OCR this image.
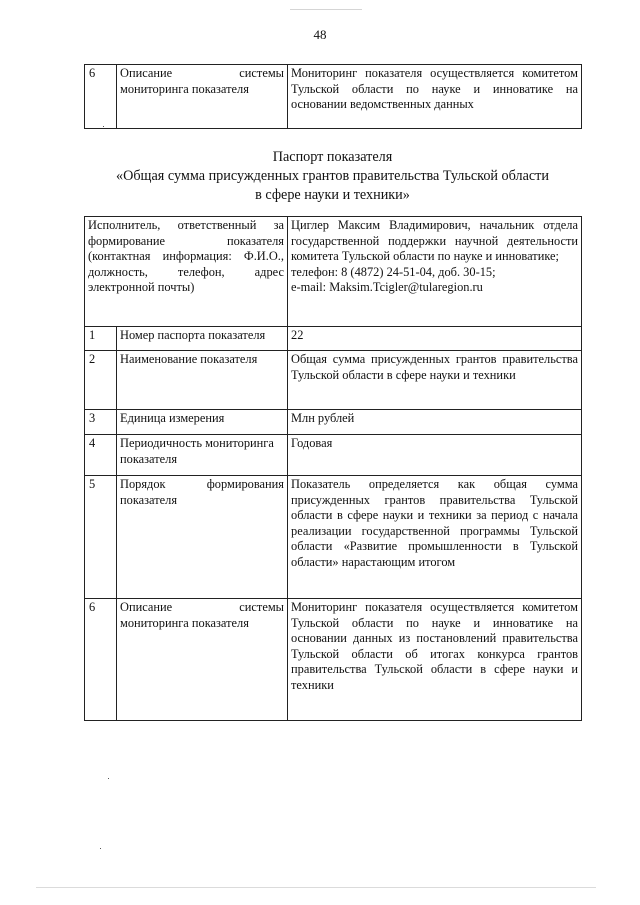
48
6	Описание системы мониторинга показателя	Мониторинг показателя осуществляется комитетом Тульской области по науке и инноватике на основании ведомственных данных
Паспорт показателя
«Общая сумма присужденных грантов правительства Тульской области
в сфере науки и техники»
Исполнитель, ответственный за формирование показателя (контактная информация: Ф.И.О., должность, телефон, адрес электронной почты)		Циглер Максим Владимирович, начальник отдела государственной поддержки научной деятельности комитета Тульской области по науке и инноватике;
телефон: 8 (4872) 24-51-04, доб. 30-15;
e-mail: Maksim.Tcigler@tularegion.ru

1	Номер паспорта показателя	22
2	Наименование показателя	Общая сумма присужденных грантов правительства Тульской области в сфере науки и техники
3	Единица измерения	Млн рублей
4	Периодичность мониторинга показателя	Годовая
5	Порядок формирования показателя	Показатель определяется как общая сумма присужденных грантов правительства Тульской области в сфере науки и техники за период с начала реализации государственной программы Тульской области «Развитие промышленности в Тульской области» нарастающим итогом
6	Описание системы мониторинга показателя	Мониторинг показателя осуществляется комитетом Тульской области по науке и инноватике на основании данных из постановлений правительства Тульской области об итогах конкурса грантов правительства Тульской области в сфере науки и техники
